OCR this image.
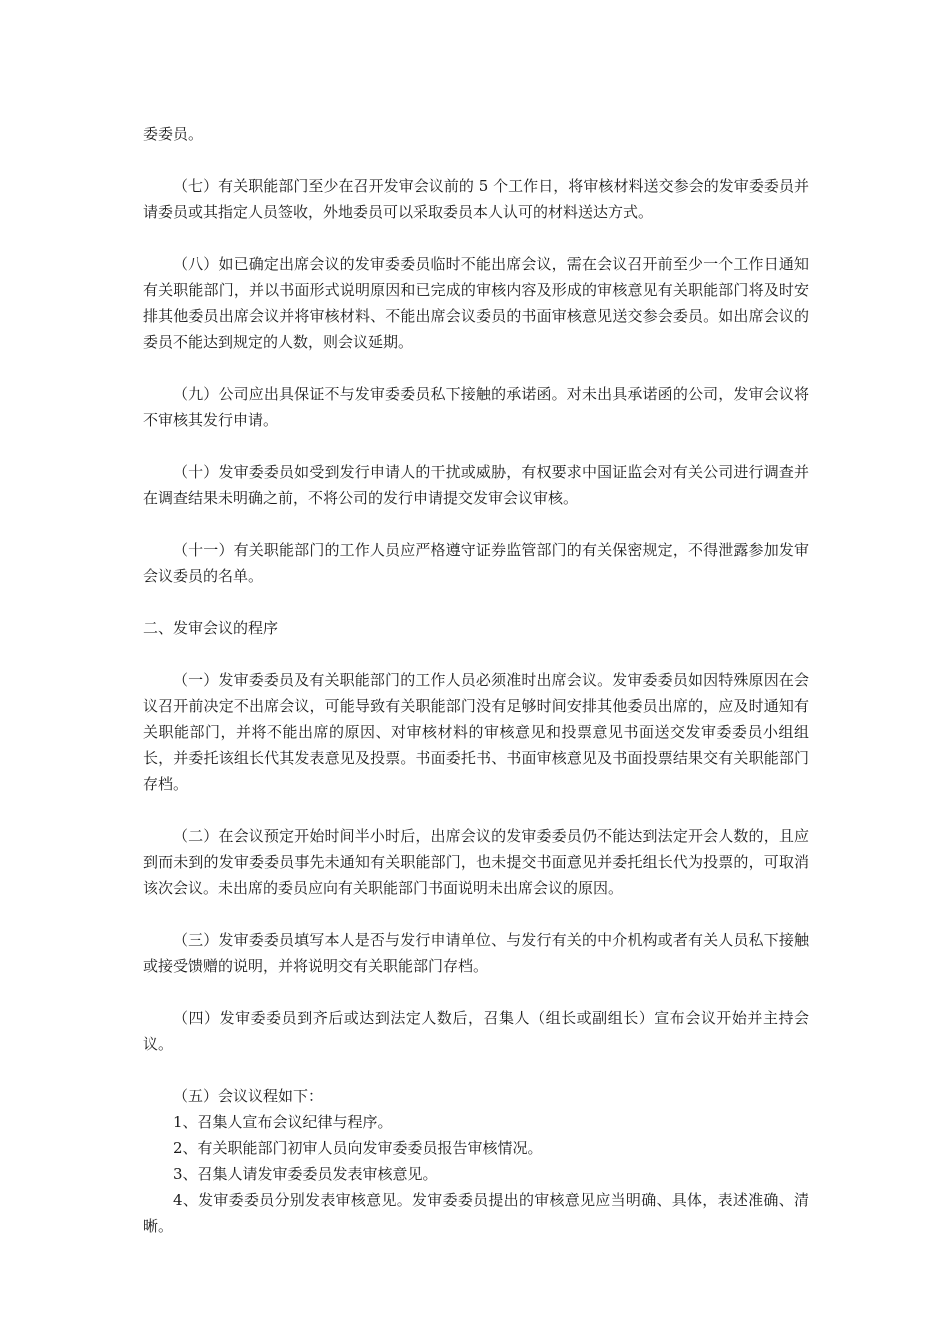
委委员。

（七）有关职能部门至少在召开发审会议前的 5 个工作日，将审核材料送交参会的发审委委员并请委员或其指定人员签收，外地委员可以采取委员本人认可的材料送达方式。

（八）如已确定出席会议的发审委委员临时不能出席会议，需在会议召开前至少一个工作日通知有关职能部门，并以书面形式说明原因和已完成的审核内容及形成的审核意见有关职能部门将及时安排其他委员出席会议并将审核材料、不能出席会议委员的书面审核意见送交参会委员。如出席会议的委员不能达到规定的人数，则会议延期。

（九）公司应出具保证不与发审委委员私下接触的承诺函。对未出具承诺函的公司，发审会议将不审核其发行申请。

（十）发审委委员如受到发行申请人的干扰或威胁，有权要求中国证监会对有关公司进行调查并在调查结果未明确之前，不将公司的发行申请提交发审会议审核。

（十一）有关职能部门的工作人员应严格遵守证券监管部门的有关保密规定，不得泄露参加发审会议委员的名单。

二、发审会议的程序

（一）发审委委员及有关职能部门的工作人员必须准时出席会议。发审委委员如因特殊原因在会议召开前决定不出席会议，可能导致有关职能部门没有足够时间安排其他委员出席的，应及时通知有关职能部门，并将不能出席的原因、对审核材料的审核意见和投票意见书面送交发审委委员小组组长，并委托该组长代其发表意见及投票。书面委托书、书面审核意见及书面投票结果交有关职能部门存档。

（二）在会议预定开始时间半小时后，出席会议的发审委委员仍不能达到法定开会人数的，且应到而未到的发审委委员事先未通知有关职能部门，也未提交书面意见并委托组长代为投票的，可取消该次会议。未出席的委员应向有关职能部门书面说明未出席会议的原因。

（三）发审委委员填写本人是否与发行申请单位、与发行有关的中介机构或者有关人员私下接触或接受馈赠的说明，并将说明交有关职能部门存档。

（四）发审委委员到齐后或达到法定人数后，召集人（组长或副组长）宣布会议开始并主持会议。

（五）会议议程如下：

1、召集人宣布会议纪律与程序。

2、有关职能部门初审人员向发审委委员报告审核情况。

3、召集人请发审委委员发表审核意见。

4、发审委委员分别发表审核意见。发审委委员提出的审核意见应当明确、具体，表述准确、清晰。
